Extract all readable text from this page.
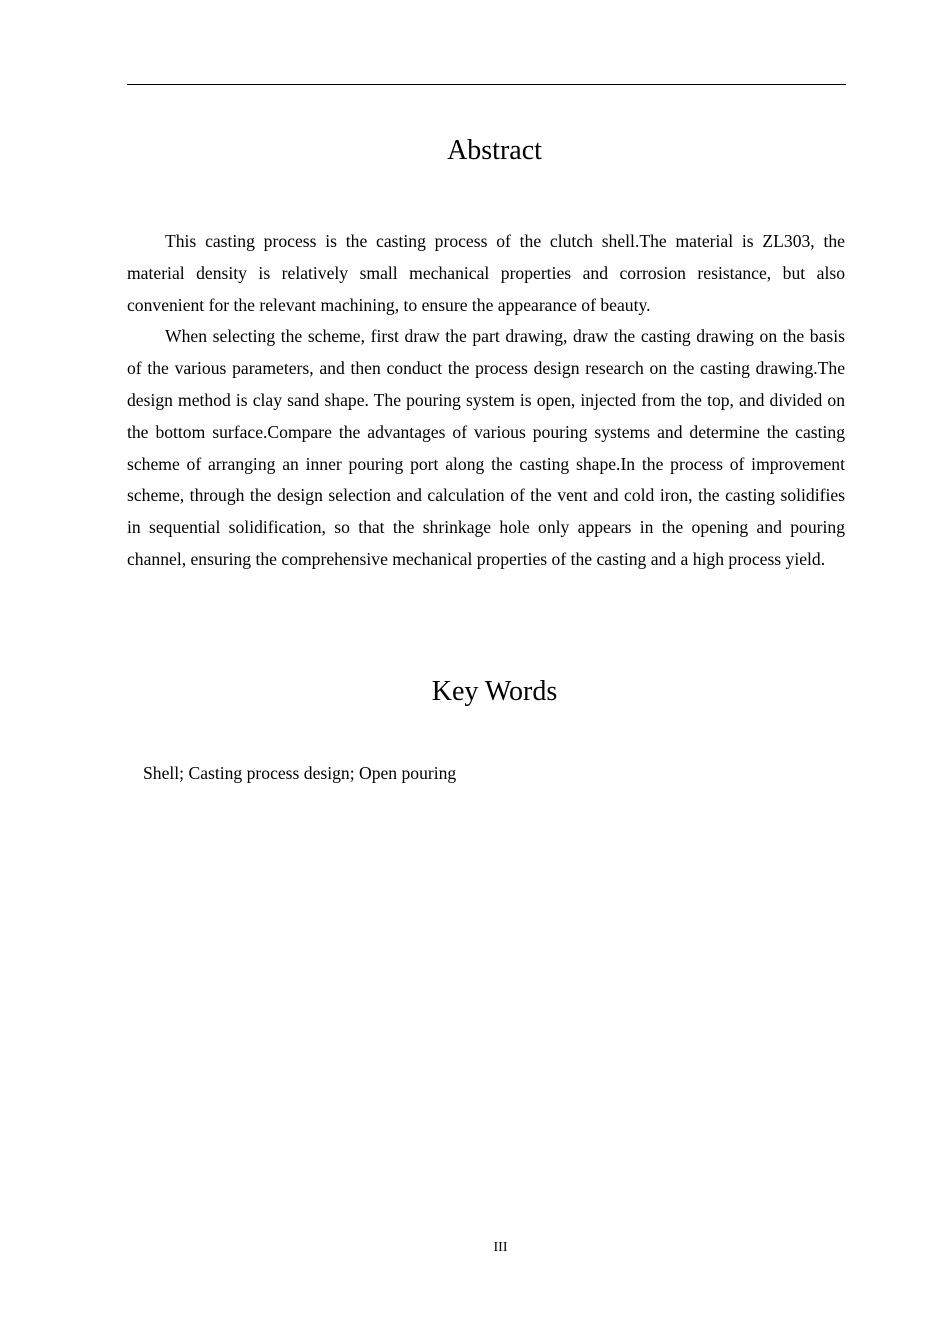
Abstract

This casting process is the casting process of the clutch shell.The material is ZL303, the material density is relatively small mechanical properties and corrosion resistance, but also convenient for the relevant machining, to ensure the appearance of beauty.

When selecting the scheme, first draw the part drawing, draw the casting drawing on the basis of the various parameters, and then conduct the process design research on the casting drawing.The design method is clay sand shape. The pouring system is open, injected from the top, and divided on the bottom surface.Compare the advantages of various pouring systems and determine the casting scheme of arranging an inner pouring port along the casting shape.In the process of improvement scheme, through the design selection and calculation of the vent and cold iron, the casting solidifies in sequential solidification, so that the shrinkage hole only appears in the opening and pouring channel, ensuring the comprehensive mechanical properties of the casting and a high process yield.

Key Words

Shell; Casting process design; Open pouring

III
